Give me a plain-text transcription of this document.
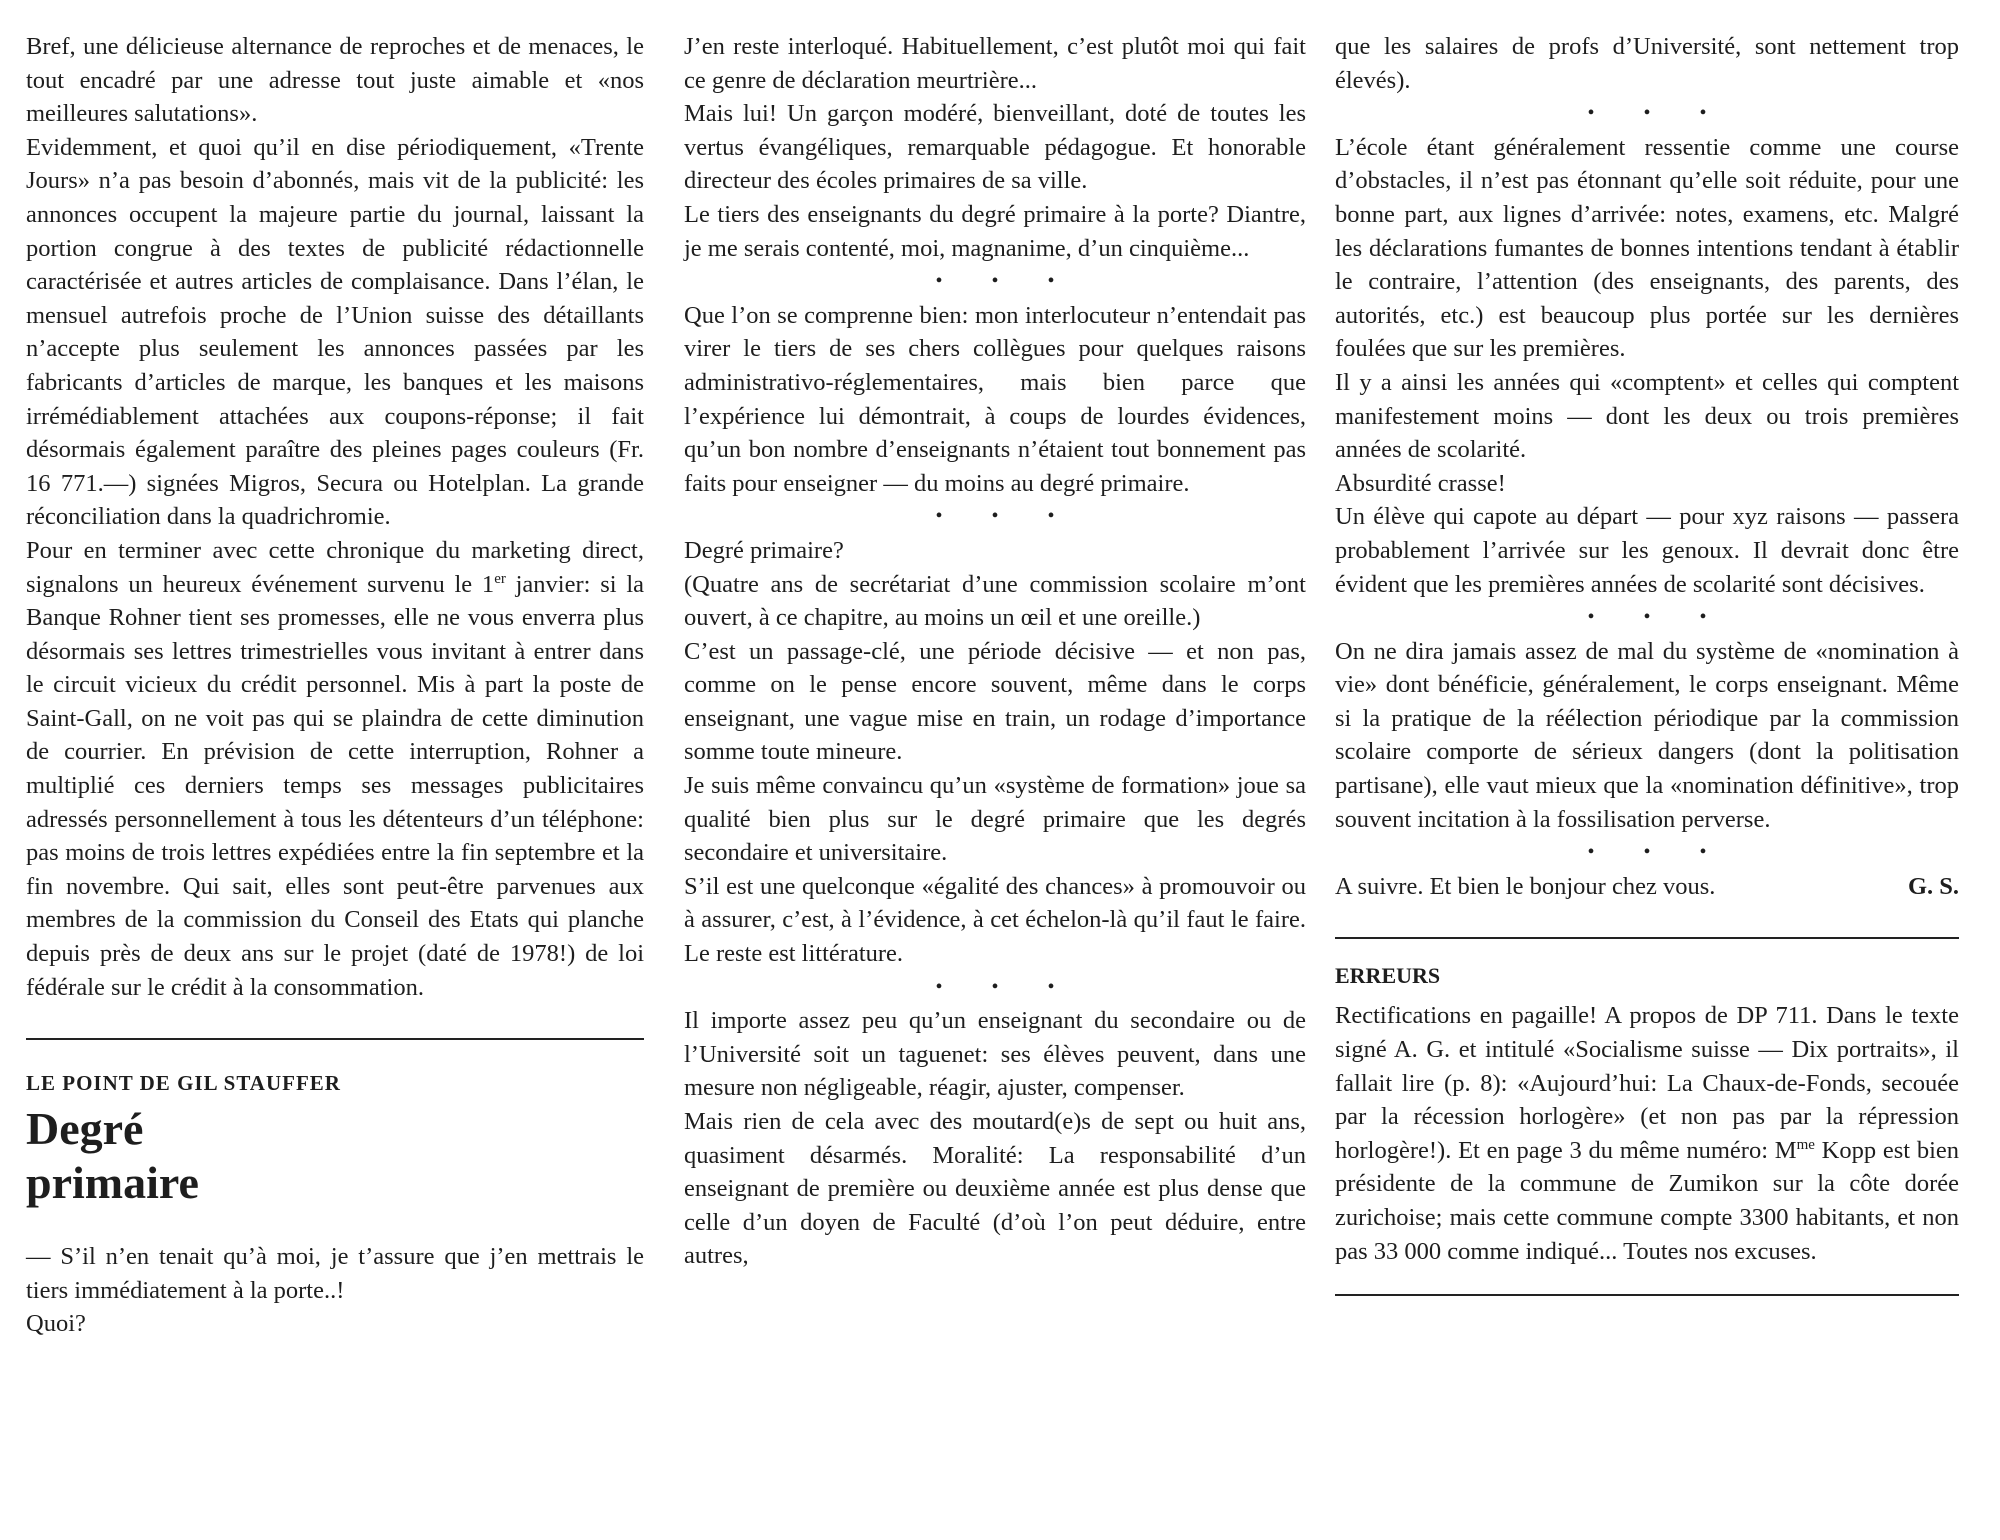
Bref, une délicieuse alternance de reproches et de menaces, le tout encadré par une adresse tout juste aimable et «nos meilleures salutations».

Evidemment, et quoi qu’il en dise périodiquement, «Trente Jours» n’a pas besoin d’abonnés, mais vit de la publicité: les annonces occupent la majeure partie du journal, laissant la portion congrue à des textes de publicité rédactionnelle caractérisée et autres articles de complaisance. Dans l’élan, le mensuel autrefois proche de l’Union suisse des détaillants n’accepte plus seulement les annonces passées par les fabricants d’articles de marque, les banques et les maisons irrémédiablement attachées aux coupons-réponse; il fait désormais également paraître des pleines pages couleurs (Fr. 16 771.—) signées Migros, Secura ou Hotelplan. La grande réconciliation dans la quadrichromie.

Pour en terminer avec cette chronique du marketing direct, signalons un heureux événement survenu le 1er janvier: si la Banque Rohner tient ses promesses, elle ne vous enverra plus désormais ses lettres trimestrielles vous invitant à entrer dans le circuit vicieux du crédit personnel. Mis à part la poste de Saint-Gall, on ne voit pas qui se plaindra de cette diminution de courrier. En prévision de cette interruption, Rohner a multiplié ces derniers temps ses messages publicitaires adressés personnellement à tous les détenteurs d’un téléphone: pas moins de trois lettres expédiées entre la fin septembre et la fin novembre. Qui sait, elles sont peut-être parvenues aux membres de la commission du Conseil des Etats qui planche depuis près de deux ans sur le projet (daté de 1978!) de loi fédérale sur le crédit à la consommation.

LE POINT DE GIL STAUFFER
Degré
primaire

— S’il n’en tenait qu’à moi, je t’assure que j’en mettrais le tiers immédiatement à la porte..!

Quoi?

J’en reste interloqué. Habituellement, c’est plutôt moi qui fait ce genre de déclaration meurtrière...

Mais lui! Un garçon modéré, bienveillant, doté de toutes les vertus évangéliques, remarquable pédagogue. Et honorable directeur des écoles primaires de sa ville.

Le tiers des enseignants du degré primaire à la porte? Diantre, je me serais contenté, moi, magnanime, d’un cinquième...

• • •

Que l’on se comprenne bien: mon interlocuteur n’entendait pas virer le tiers de ses chers collègues pour quelques raisons administrativo-réglementaires, mais bien parce que l’expérience lui démontrait, à coups de lourdes évidences, qu’un bon nombre d’enseignants n’étaient tout bonnement pas faits pour enseigner — du moins au degré primaire.

• • •

Degré primaire?

(Quatre ans de secrétariat d’une commission scolaire m’ont ouvert, à ce chapitre, au moins un œil et une oreille.)

C’est un passage-clé, une période décisive — et non pas, comme on le pense encore souvent, même dans le corps enseignant, une vague mise en train, un rodage d’importance somme toute mineure.

Je suis même convaincu qu’un «système de formation» joue sa qualité bien plus sur le degré primaire que les degrés secondaire et universitaire.

S’il est une quelconque «égalité des chances» à promouvoir ou à assurer, c’est, à l’évidence, à cet échelon-là qu’il faut le faire. Le reste est littérature.

• • •

Il importe assez peu qu’un enseignant du secondaire ou de l’Université soit un taguenet: ses élèves peuvent, dans une mesure non négligeable, réagir, ajuster, compenser.

Mais rien de cela avec des moutard(e)s de sept ou huit ans, quasiment désarmés. Moralité: La responsabilité d’un enseignant de première ou deuxième année est plus dense que celle d’un doyen de Faculté (d’où l’on peut déduire, entre autres,

que les salaires de profs d’Université, sont nettement trop élevés).

• • •

L’école étant généralement ressentie comme une course d’obstacles, il n’est pas étonnant qu’elle soit réduite, pour une bonne part, aux lignes d’arrivée: notes, examens, etc. Malgré les déclarations fumantes de bonnes intentions tendant à établir le contraire, l’attention (des enseignants, des parents, des autorités, etc.) est beaucoup plus portée sur les dernières foulées que sur les premières.

Il y a ainsi les années qui «comptent» et celles qui comptent manifestement moins — dont les deux ou trois premières années de scolarité.

Absurdité crasse!

Un élève qui capote au départ — pour xyz raisons — passera probablement l’arrivée sur les genoux. Il devrait donc être évident que les premières années de scolarité sont décisives.

• • •

On ne dira jamais assez de mal du système de «nomination à vie» dont bénéficie, généralement, le corps enseignant. Même si la pratique de la réélection périodique par la commission scolaire comporte de sérieux dangers (dont la politisation partisane), elle vaut mieux que la «nomination définitive», trop souvent incitation à la fossilisation perverse.

• • •
A suivre. Et bien le bonjour chez vous.	G. S.
ERREURS

Rectifications en pagaille! A propos de DP 711. Dans le texte signé A. G. et intitulé «Socialisme suisse — Dix portraits», il fallait lire (p. 8): «Aujourd’hui: La Chaux-de-Fonds, secouée par la récession horlogère» (et non pas par la répression horlogère!). Et en page 3 du même numéro: $M^{me}$ Kopp est bien présidente de la commune de Zumikon sur la côte dorée zurichoise; mais cette commune compte 3300 habitants, et non pas 33 000 comme indiqué... Toutes nos excuses.
